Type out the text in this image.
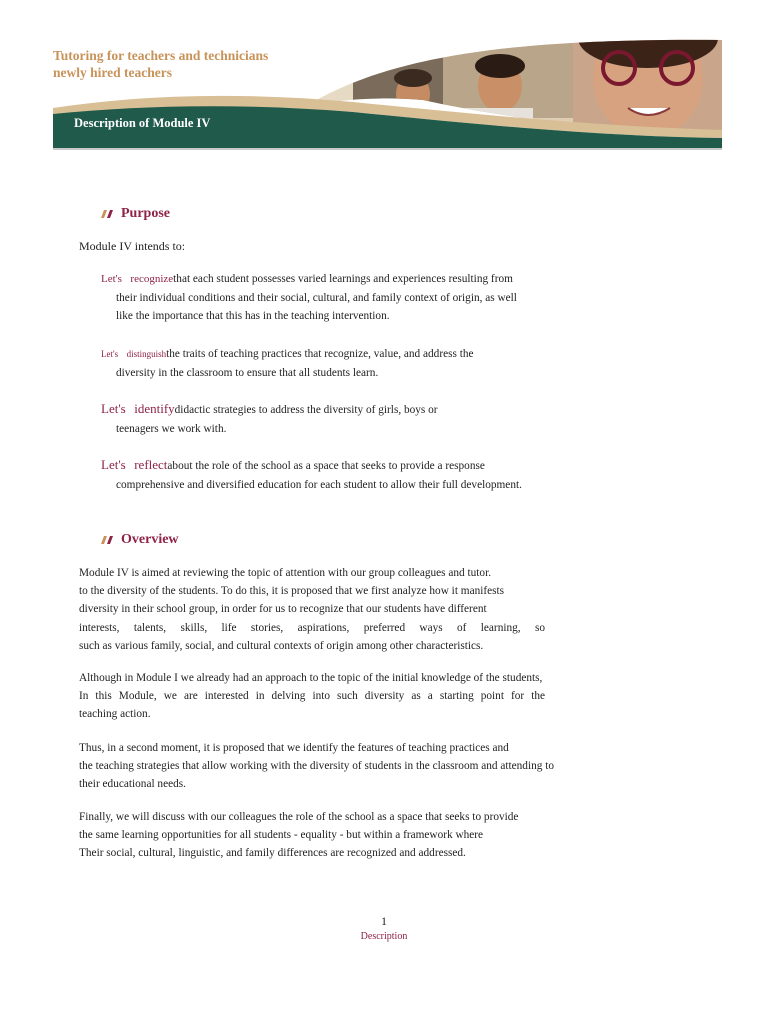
Tutoring for teachers and technicians
newly hired teachers
Description of Module IV
Purpose
Module IV intends to:
Let's recognizethat each student possesses varied learnings and experiences resulting from
their individual conditions and their social, cultural, and family context of origin, as well
like the importance that this has in the teaching intervention.
Let's distinguishthe traits of teaching practices that recognize, value, and address the
diversity in the classroom to ensure that all students learn.
Let's identifydidactic strategies to address the diversity of girls, boys or
teenagers we work with.
Let's reflectabout the role of the school as a space that seeks to provide a response
comprehensive and diversified education for each student to allow their full development.
Overview
Module IV is aimed at reviewing the topic of attention with our group colleagues and tutor.
to the diversity of the students. To do this, it is proposed that we first analyze how it manifests
diversity in their school group, in order for us to recognize that our students have different
interests, talents, skills, life stories, aspirations, preferred ways of learning, so
such as various family, social, and cultural contexts of origin among other characteristics.
Although in Module I we already had an approach to the topic of the initial knowledge of the students,
In this Module, we are interested in delving into such diversity as a starting point for the
teaching action.
Thus, in a second moment, it is proposed that we identify the features of teaching practices and
the teaching strategies that allow working with the diversity of students in the classroom and attending to
their educational needs.
Finally, we will discuss with our colleagues the role of the school as a space that seeks to provide
the same learning opportunities for all students - equality - but within a framework where
Their social, cultural, linguistic, and family differences are recognized and addressed.
1
Description
